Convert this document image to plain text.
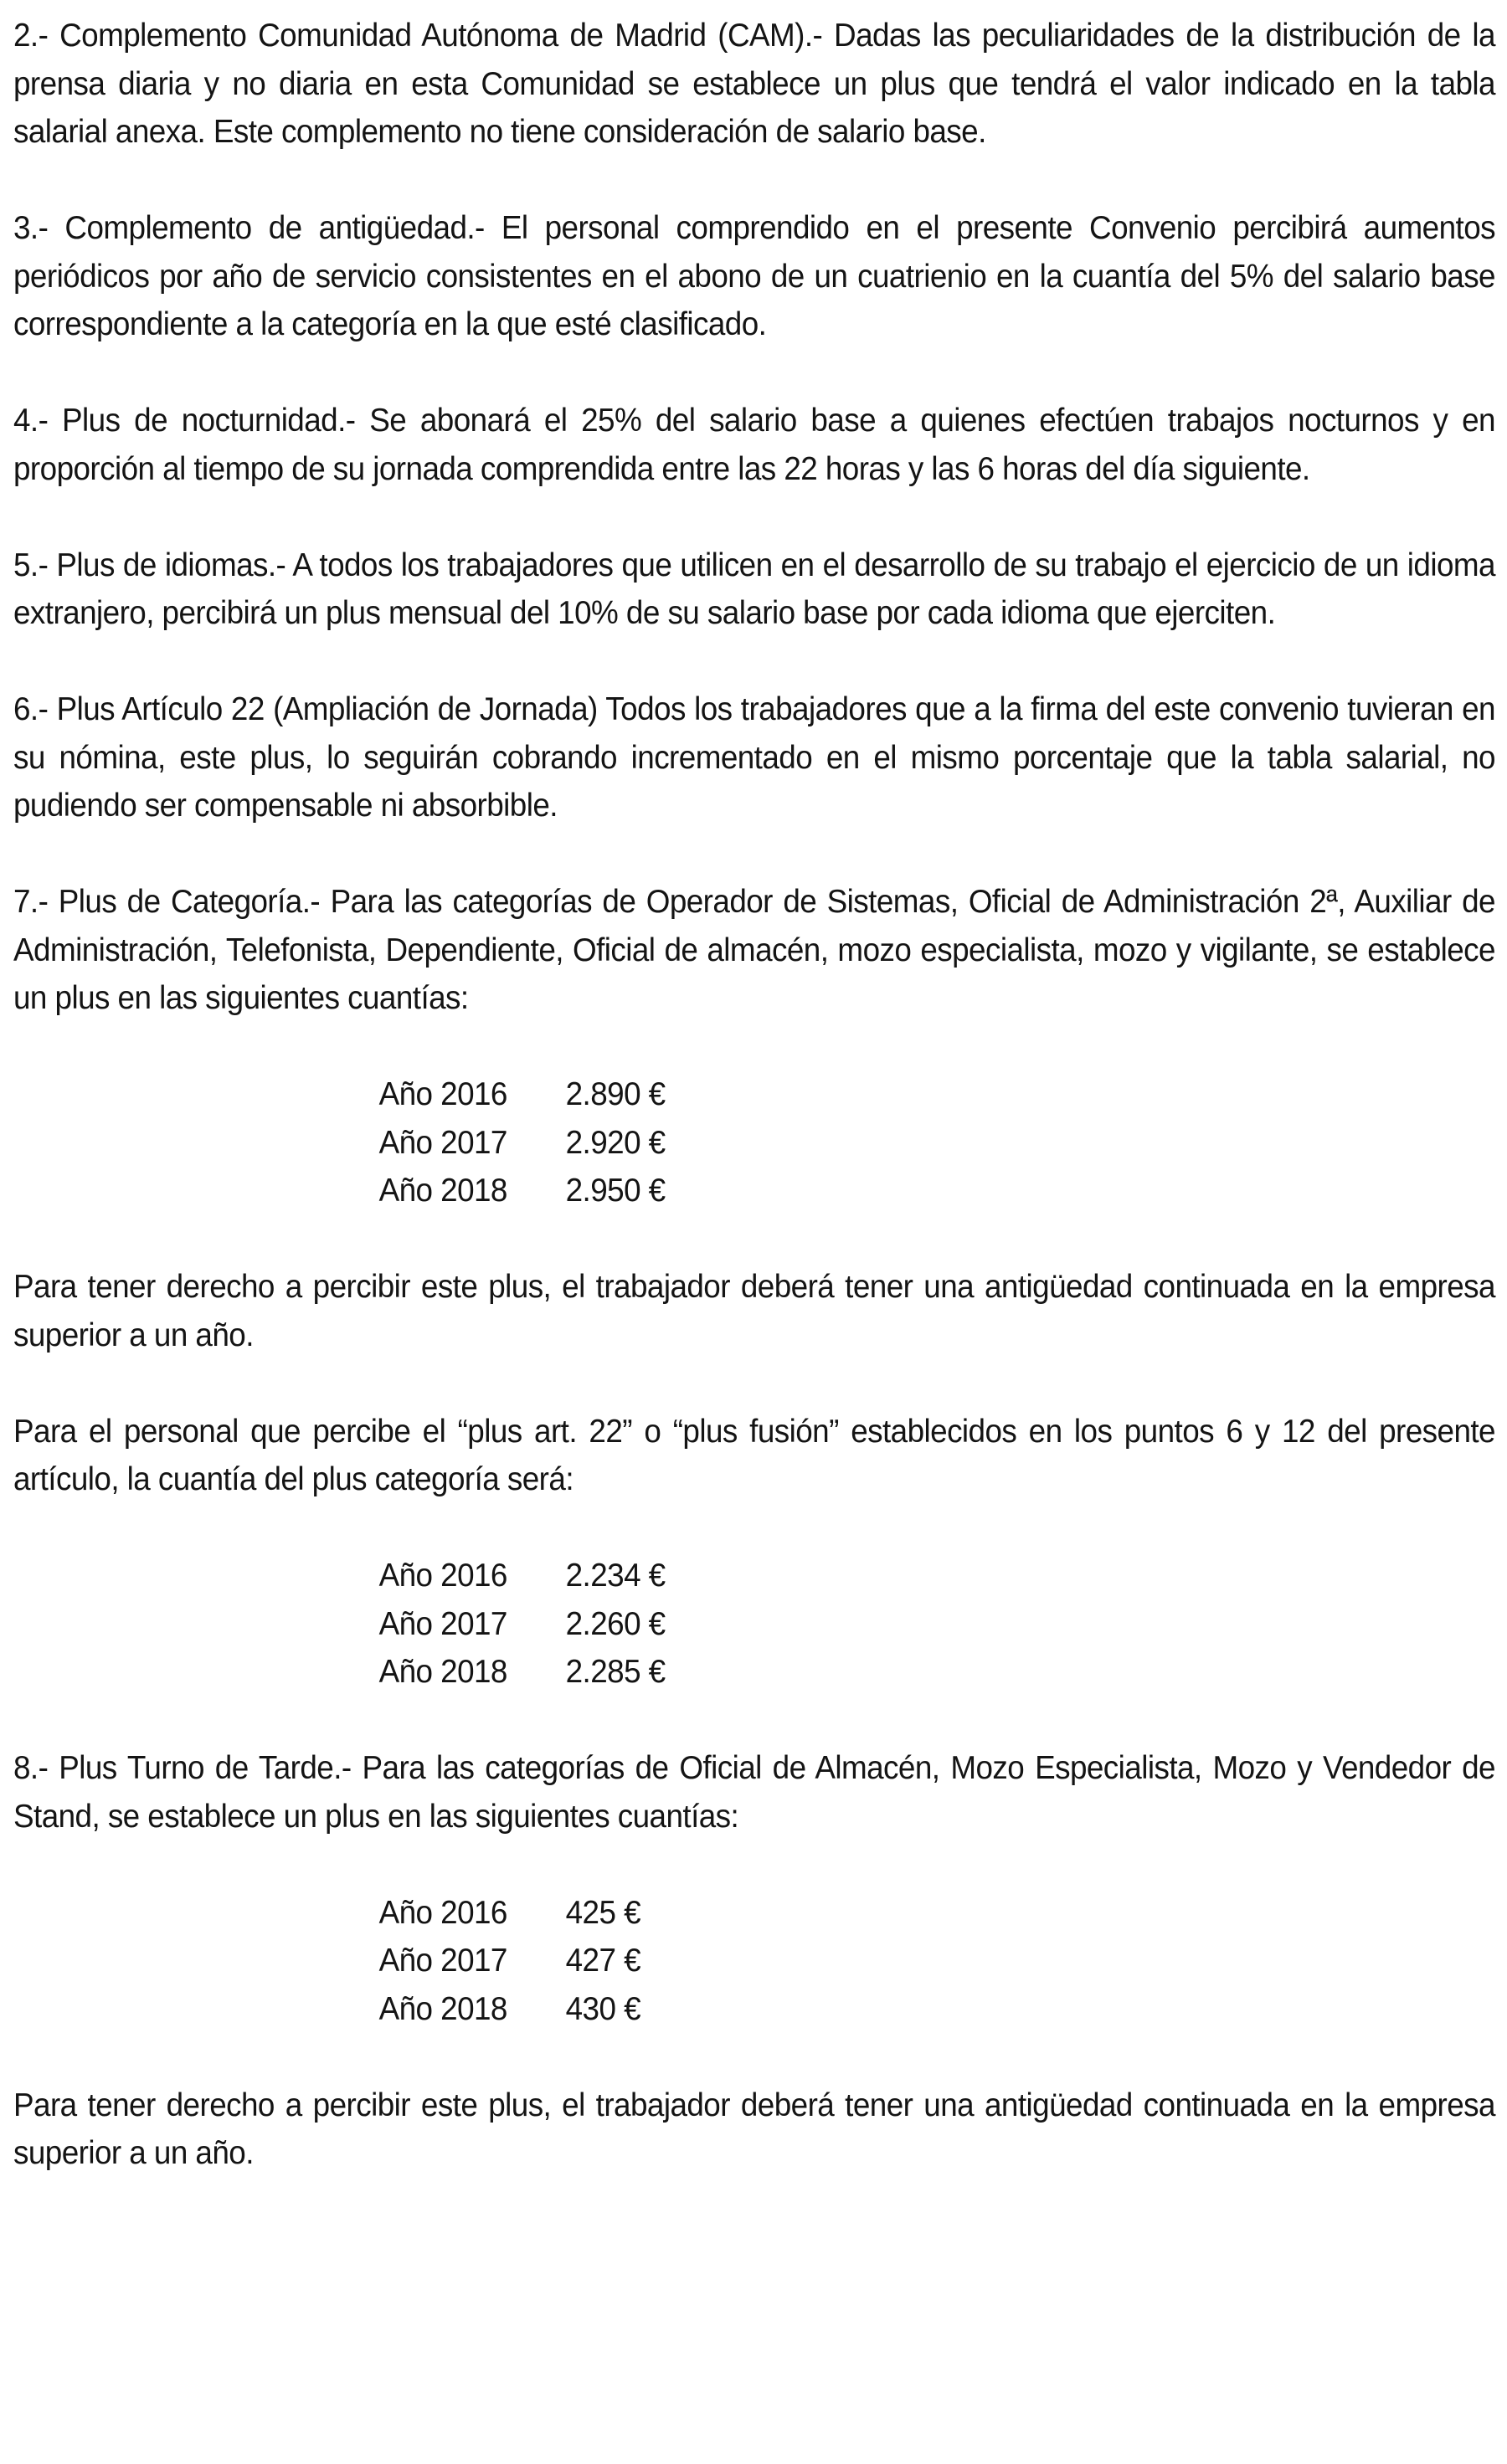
2.- Complemento Comunidad Autónoma de Madrid (CAM).- Dadas las peculiaridades de la distribución de la prensa diaria y no diaria en esta Comunidad se establece un plus que tendrá el valor indicado en la tabla salarial anexa. Este complemento no tiene consideración de salario base.

3.- Complemento de antigüedad.- El personal comprendido en el presente Convenio percibirá aumentos periódicos por año de servicio consistentes en el abono de un cuatrienio en la cuantía del 5% del salario base correspondiente a la categoría en la que esté clasificado.

4.- Plus de nocturnidad.- Se abonará el 25% del salario base a quienes efectúen trabajos nocturnos y en proporción al tiempo de su jornada comprendida entre las 22 horas y las 6 horas del día siguiente.

5.- Plus de idiomas.- A todos los trabajadores que utilicen en el desarrollo de su trabajo el ejercicio de un idioma extranjero, percibirá un plus mensual del 10% de su salario base por cada idioma que ejerciten.

6.- Plus Artículo 22 (Ampliación de Jornada) Todos los trabajadores que a la firma del este convenio tuvieran en su nómina, este plus, lo seguirán cobrando incrementado en el mismo porcentaje que la tabla salarial, no pudiendo ser compensable ni absorbible.

7.- Plus de Categoría.- Para las categorías de Operador de Sistemas, Oficial de Administración 2ª, Auxiliar de Administración, Telefonista, Dependiente, Oficial de almacén, mozo especialista, mozo y vigilante, se establece un plus en las siguientes cuantías:

Año 2016	2.890 €
Año 2017	2.920 €
Año 2018	2.950 €

Para tener derecho a percibir este plus, el trabajador deberá tener una antigüedad continuada en la empresa superior a un año.

Para el personal que percibe el “plus art. 22” o “plus fusión” establecidos en los puntos 6 y 12 del presente artículo, la cuantía del plus categoría será:

Año 2016	2.234 €
Año 2017	2.260 €
Año 2018	2.285 €

8.- Plus Turno de Tarde.- Para las categorías de Oficial de Almacén, Mozo Especialista, Mozo y Vendedor de Stand, se establece un plus en las siguientes cuantías:

Año 2016	425 €
Año 2017	427 €
Año 2018	430 €

Para tener derecho a percibir este plus, el trabajador deberá tener una antigüedad continuada en la empresa superior a un año.
